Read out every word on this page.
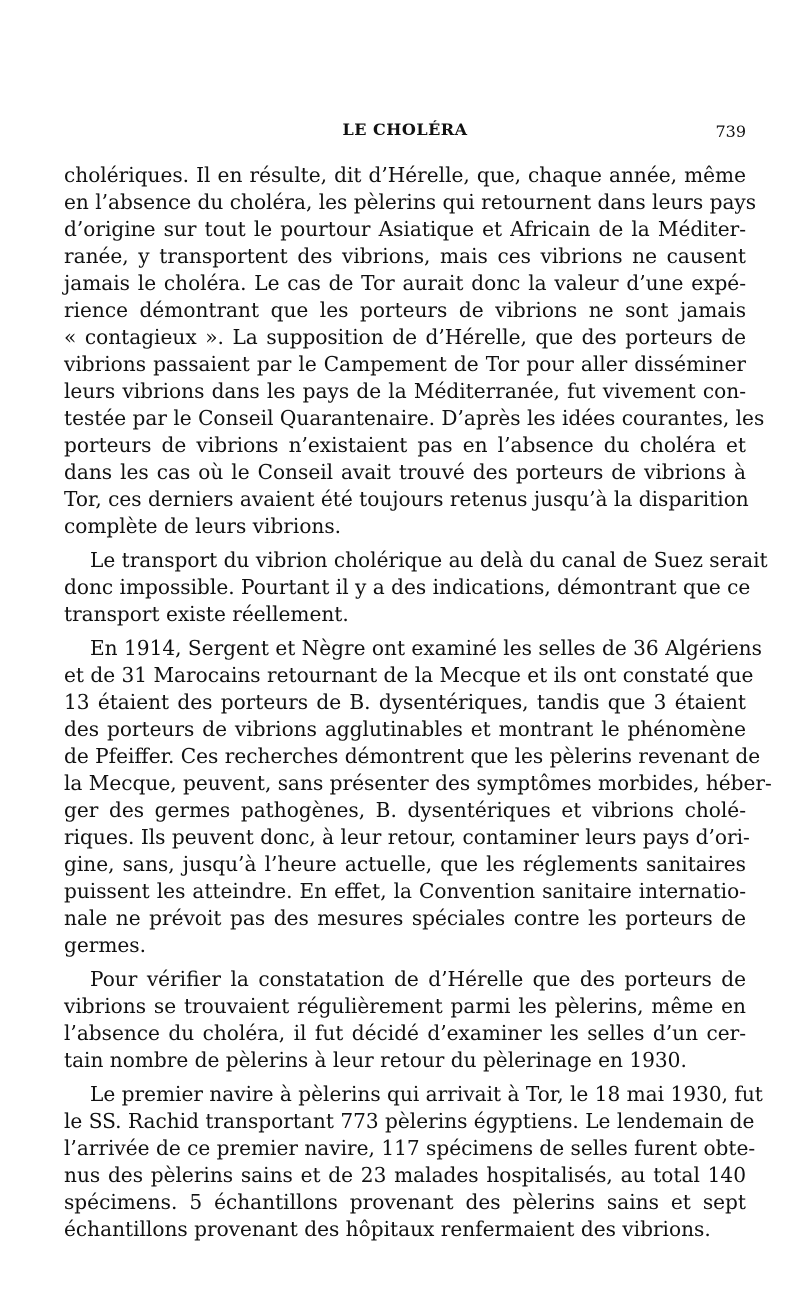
LE CHOLÉRA	739
cholériques. Il en résulte, dit d’Hérelle, que, chaque année, même
en l’absence du choléra, les pèlerins qui retournent dans leurs pays
d’origine sur tout le pourtour Asiatique et Africain de la Méditer-
ranée, y transportent des vibrions, mais ces vibrions ne causent
jamais le choléra. Le cas de Tor aurait donc la valeur d’une expé-
rience démontrant que les porteurs de vibrions ne sont jamais
« contagieux ». La supposition de d’Hérelle, que des porteurs de
vibrions passaient par le Campement de Tor pour aller disséminer
leurs vibrions dans les pays de la Méditerranée, fut vivement con-
testée par le Conseil Quarantenaire. D’après les idées courantes, les
porteurs de vibrions n’existaient pas en l’absence du choléra et
dans les cas où le Conseil avait trouvé des porteurs de vibrions à
Tor, ces derniers avaient été toujours retenus jusqu’à la disparition
complète de leurs vibrions.
Le transport du vibrion cholérique au delà du canal de Suez serait
donc impossible. Pourtant il y a des indications, démontrant que ce
transport existe réellement.
En 1914, Sergent et Nègre ont examiné les selles de 36 Algériens
et de 31 Marocains retournant de la Mecque et ils ont constaté que
13 étaient des porteurs de B. dysentériques, tandis que 3 étaient
des porteurs de vibrions agglutinables et montrant le phénomène
de Pfeiffer. Ces recherches démontrent que les pèlerins revenant de
la Mecque, peuvent, sans présenter des symptômes morbides, héber-
ger des germes pathogènes, B. dysentériques et vibrions cholé-
riques. Ils peuvent donc, à leur retour, contaminer leurs pays d’ori-
gine, sans, jusqu’à l’heure actuelle, que les réglements sanitaires
puissent les atteindre. En effet, la Convention sanitaire internatio-
nale ne prévoit pas des mesures spéciales contre les porteurs de
germes.
Pour vérifier la constatation de d’Hérelle que des porteurs de
vibrions se trouvaient régulièrement parmi les pèlerins, même en
l’absence du choléra, il fut décidé d’examiner les selles d’un cer-
tain nombre de pèlerins à leur retour du pèlerinage en 1930.
Le premier navire à pèlerins qui arrivait à Tor, le 18 mai 1930, fut
le SS. Rachid transportant 773 pèlerins égyptiens. Le lendemain de
l’arrivée de ce premier navire, 117 spécimens de selles furent obte-
nus des pèlerins sains et de 23 malades hospitalisés, au total 140
spécimens. 5 échantillons provenant des pèlerins sains et sept
échantillons provenant des hôpitaux renfermaient des vibrions.
